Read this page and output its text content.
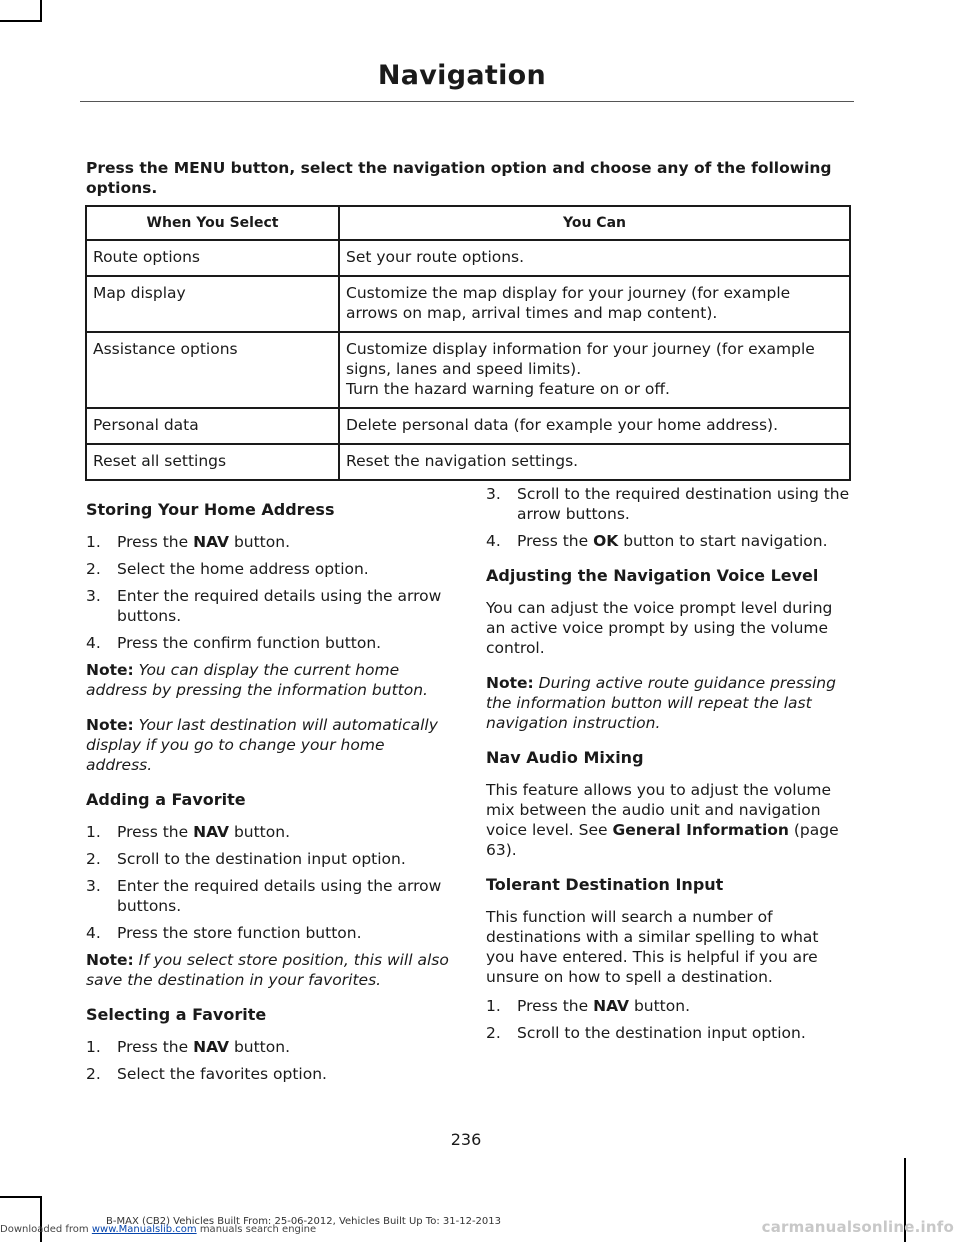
Navigation
Press the MENU button, select the navigation option and choose any of the following options.
When You Select	You Can
Route options	Set your route options.
Map display	Customize the map display for your journey (for example arrows on map, arrival times and map content).
Assistance options	Customize display information for your journey (for example signs, lanes and speed limits).
Turn the hazard warning feature on or off.

Personal data	Delete personal data (for example your home address).
Reset all settings	Reset the navigation settings.
Storing Your Home Address
1. Press the NAV button.
2. Select the home address option.
3. Enter the required details using the arrow buttons.
4. Press the confirm function button.
Note: You can display the current home address by pressing the information button.
Note: Your last destination will automatically display if you go to change your home address.
Adding a Favorite
1. Press the NAV button.
2. Scroll to the destination input option.
3. Enter the required details using the arrow buttons.
4. Press the store function button.
Note: If you select store position, this will also save the destination in your favorites.
Selecting a Favorite
1. Press the NAV button.
2. Select the favorites option.
3. Scroll to the required destination using the arrow buttons.
4. Press the OK button to start navigation.
Adjusting the Navigation Voice Level
You can adjust the voice prompt level during an active voice prompt by using the volume control.
Note: During active route guidance pressing the information button will repeat the last navigation instruction.
Nav Audio Mixing
This feature allows you to adjust the volume mix between the audio unit and navigation voice level. See General Information (page 63).
Tolerant Destination Input
This function will search a number of destinations with a similar spelling to what you have entered. This is helpful if you are unsure on how to spell a destination.
1. Press the NAV button.
2. Scroll to the destination input option.
236
B-MAX (CB2) Vehicles Built From: 25-06-2012, Vehicles Built Up To: 31-12-2013
Downloaded from www.Manualslib.com manuals search engine	carmanualsonline.info
